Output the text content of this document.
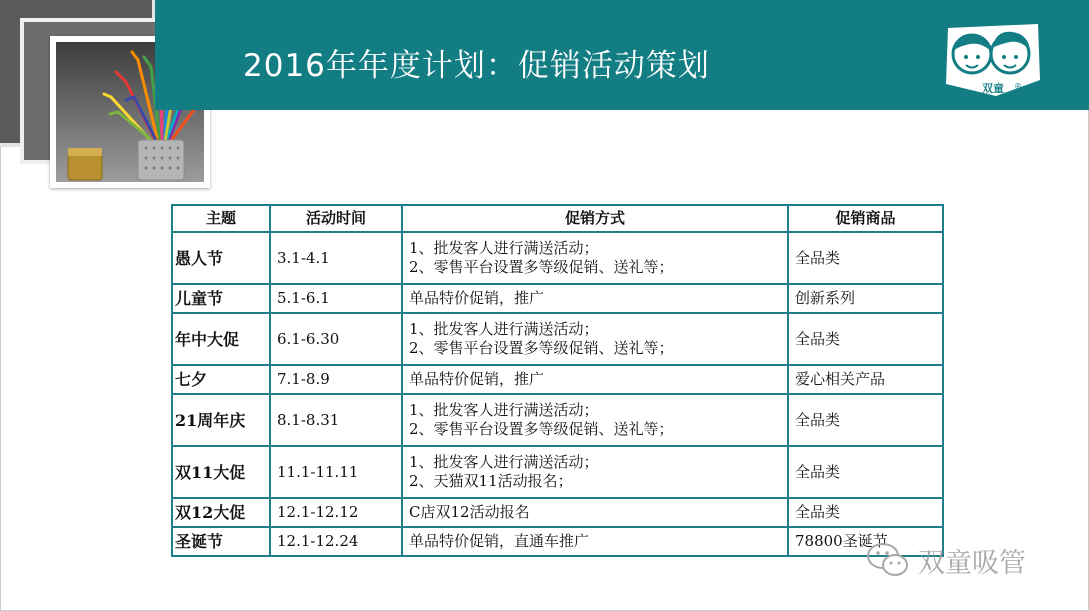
2016年年度计划：促销活动策划
双童 ®
主题	活动时间	促销方式	促销商品
愚人节	3.1-4.1	1、批发客人进行满送活动；
2、零售平台设置多等级促销、送礼等；	全品类
儿童节	5.1-6.1	单品特价促销，推广	创新系列
年中大促	6.1-6.30	1、批发客人进行满送活动；
2、零售平台设置多等级促销、送礼等；	全品类
七夕	7.1-8.9	单品特价促销，推广	爱心相关产品
21周年庆	8.1-8.31	1、批发客人进行满送活动；
2、零售平台设置多等级促销、送礼等；	全品类
双11大促	11.1-11.11	1、批发客人进行满送活动；
2、天猫双11活动报名；	全品类
双12大促	12.1-12.12	C店双12活动报名	全品类
圣诞节	12.1-12.24	单品特价促销，直通车推广	78800圣诞节
双童吸管
